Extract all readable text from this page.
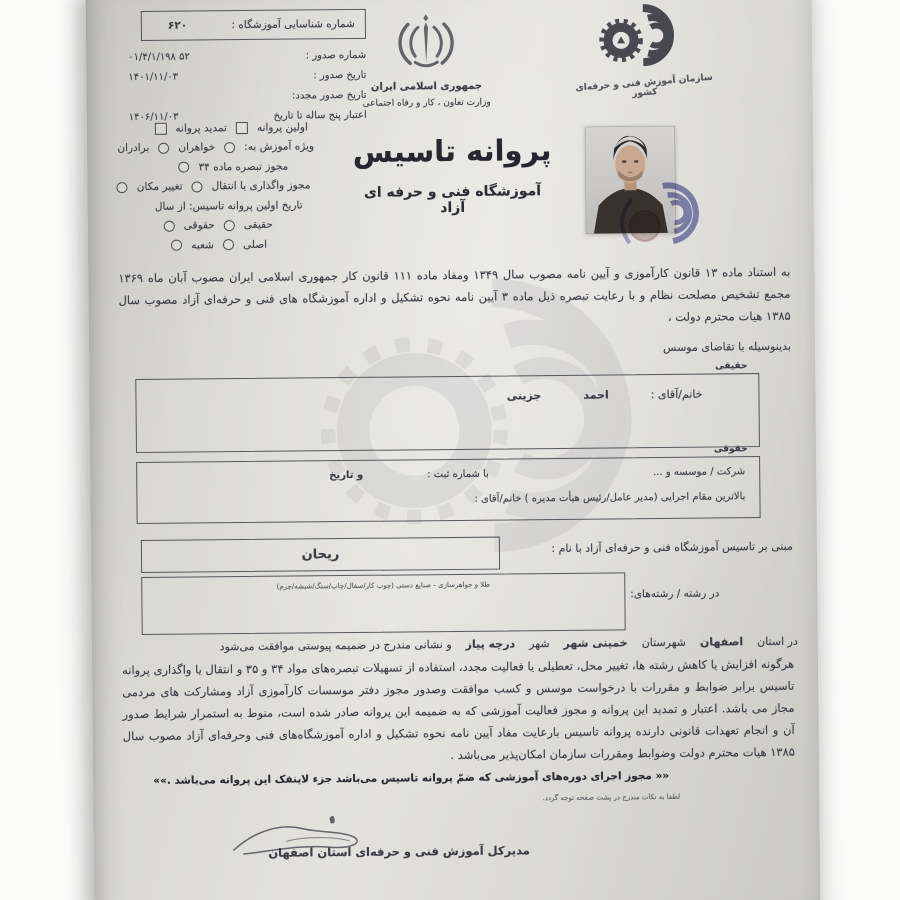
شماره شناسایی آموزشگاه :
۶۲۰
شماره صدور :
۵۲ ۰۱/۴/۱/۱۹۸
تاریخ صدور :
۱۴۰۱/۱۱/۰۳
تاریخ صدور مجدد:
اعتبار پنج ساله تا تاریخ
۱۴۰۶/۱۱/۰۳
اولین پروانه
تمدید پروانه
ویژه آموزش به:
خواهران
برادران
مجوز تبصره ماده ۳۴
مجوز واگذاری یا انتقال
تغییر مکان
تاریخ اولین پروانه تاسیس: از سال
حقیقی
حقوقی
اصلی
شعبه
جمهوری اسلامی ایران
وزارت تعاون ، کار و رفاه اجتماعی
سازمان آموزش فنی و حرفه‌ای کشور
پروانه تاسیس
آموزشگاه فنی و حرفه ای آزاد
به استناد ماده ۱۳ قانون کارآموزی و آیین نامه مصوب سال ۱۳۴۹ ومفاد ماده ۱۱۱ قانون کار جمهوری اسلامی ایران مصوب آبان ماه ۱۳۶۹ مجمع تشخیص مصلحت نظام و با رعایت تبصره ذیل ماده ۳ آیین نامه نحوه تشکیل و اداره آموزشگاه های فنی و حرفه‌ای آزاد مصوب سال ۱۳۸۵ هیات محترم دولت ،
بدینوسیله با تقاضای موسس
حقیقی
خانم/آقای :
احمد
جزینی
حقوقی
شرکت / موسسه و ...
با شماره ثبت :
و تاریخ
بالاترین مقام اجرایی (مدیر عامل/رئیس هیأت مدیره ) خانم/آقای :
مبنی بر تاسیس آموزشگاه فنی و حرفه‌ای آزاد با نام :
ریحان
در رشته / رشته‌های:
طلا و جواهرسازی - صنایع دستی (چوب کار/سفال/چاپ/سنگ/شیشه/چرم)
در استان
اصفهان
شهرستان
خمینی شهر
شهر
درچه پیاز
و نشانی مندرج در ضمیمه پیوستی موافقت می‌شود
هرگونه افزایش یا کاهش رشته ها، تغییر محل، تعطیلی یا فعالیت مجدد، استفاده از تسهیلات تبصره‌های مواد ۳۴ و ۳۵ و انتقال یا واگذاری پروانه تاسیس برابر ضوابط و مقررات با درخواست موسس و کسب موافقت وصدور مجوز دفتر موسسات کارآموزی آزاد ومشارکت های مردمی مجاز می باشد. اعتبار و تمدید این پروانه و مجوز فعالیت آموزشی که به ضمیمه این پروانه صادر شده است، منوط به استمرار شرایط صدور آن و انجام تعهدات قانونی دارنده پروانه تاسیس بارعایت مفاد آیین نامه نحوه تشکیل و اداره آموزشگاه‌های فنی وحرفه‌ای آزاد مصوب سال ۱۳۸۵ هیات محترم دولت وضوابط ومقررات سازمان امکان‌پذیر می‌باشد .
«« مجوز اجرای دوره‌های آموزشی که ضمّ پروانه تاسیس می‌باشد جزء لاینفک این پروانه می‌باشد .»»
لطفا به نکات مندرج در پشت صفحه توجه گردد.
مدیرکل آموزش فنی و حرفه‌ای استان اصفهان
